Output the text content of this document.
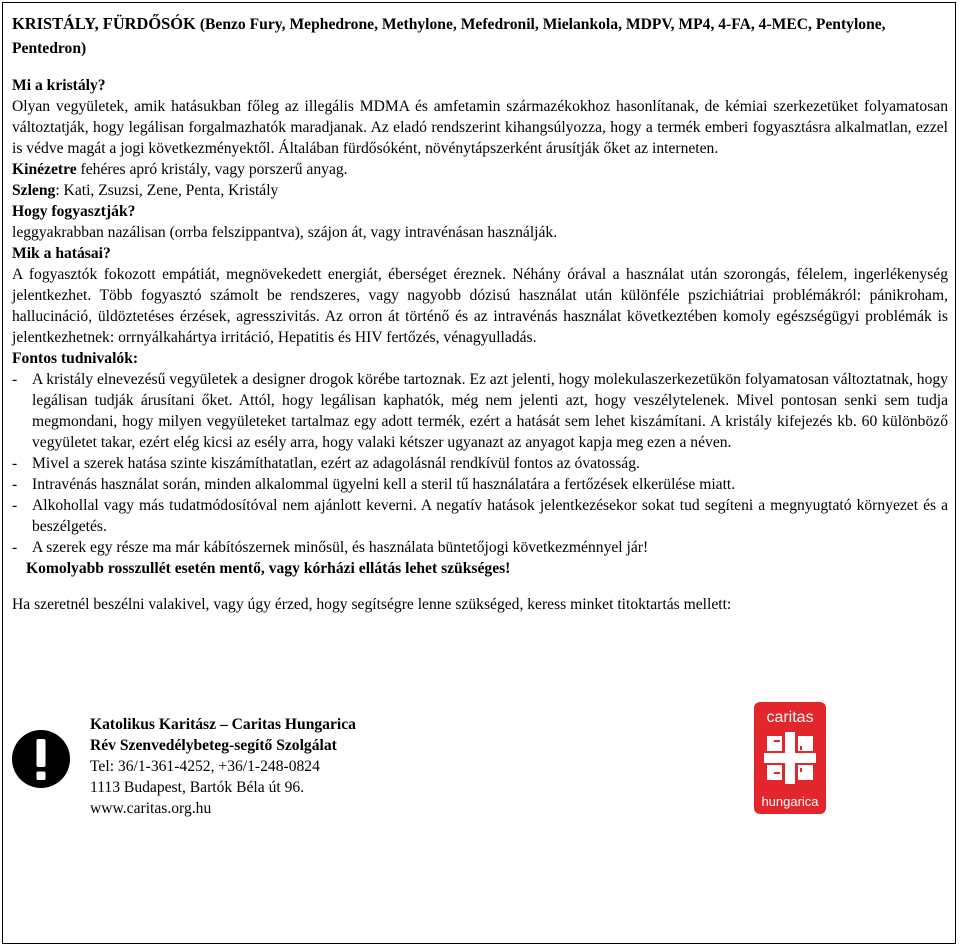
KRISTÁLY, FÜRDŐSÓK (Benzo Fury, Mephedrone, Methylone, Mefedronil, Mielankola, MDPV, MP4, 4-FA, 4-MEC, Pentylone, Pentedron)

Mi a kristály?

Olyan vegyületek, amik hatásukban főleg az illegális MDMA és amfetamin származékokhoz hasonlítanak, de kémiai szerkezetüket folyamatosan változtatják, hogy legálisan forgalmazhatók maradjanak. Az eladó rendszerint kihangsúlyozza, hogy a termék emberi fogyasztásra alkalmatlan, ezzel is védve magát a jogi következményektől. Általában fürdősóként, növénytápszerként árusítják őket az interneten.

Kinézetre fehéres apró kristály, vagy porszerű anyag.

Szleng: Kati, Zsuzsi, Zene, Penta, Kristály

Hogy fogyasztják?

leggyakrabban nazálisan (orrba felszippantva), szájon át, vagy intravénásan használják.

Mik a hatásai?

A fogyasztók fokozott empátiát, megnövekedett energiát, éberséget éreznek. Néhány órával a használat után szorongás, félelem, ingerlékenység jelentkezhet. Több fogyasztó számolt be rendszeres, vagy nagyobb dózisú használat után különféle pszichiátriai problémákról: pánikroham, hallucináció, üldöztetéses érzések, agresszivitás. Az orron át történő és az intravénás használat következtében komoly egészségügyi problémák is jelentkezhetnek: orrnyálkahártya irritáció, Hepatitis és HIV fertőzés, vénagyulladás.

Fontos tudnivalók:

- A kristály elnevezésű vegyületek a designer drogok körébe tartoznak. Ez azt jelenti, hogy molekulaszerkezetükön folyamatosan változtatnak, hogy legálisan tudják árusítani őket. Attól, hogy legálisan kaphatók, még nem jelenti azt, hogy veszélytelenek. Mivel pontosan senki sem tudja megmondani, hogy milyen vegyületeket tartalmaz egy adott termék, ezért a hatását sem lehet kiszámítani. A kristály kifejezés kb. 60 különböző vegyületet takar, ezért elég kicsi az esély arra, hogy valaki kétszer ugyanazt az anyagot kapja meg ezen a néven.
- Mivel a szerek hatása szinte kiszámíthatatlan, ezért az adagolásnál rendkívül fontos az óvatosság.
- Intravénás használat során, minden alkalommal ügyelni kell a steril tű használatára a fertőzések elkerülése miatt.
- Alkohollal vagy más tudatmódosítóval nem ajánlott keverni. A negatív hatások jelentkezésekor sokat tud segíteni a megnyugtató környezet és a beszélgetés.
- A szerek egy része ma már kábítószernek minősül, és használata büntetőjogi következménnyel jár!

Komolyabb rosszullét esetén mentő, vagy kórházi ellátás lehet szükséges!

Ha szeretnél beszélni valakivel, vagy úgy érzed, hogy segítségre lenne szükséged, keress minket titoktartás mellett:

Katolikus Karitász – Caritas Hungarica

Rév Szenvedélybeteg-segítő Szolgálat

Tel: 36/1-361-4252, +36/1-248-0824

1113 Budapest, Bartók Béla út 96.

www.caritas.org.hu

caritas
hungarica
